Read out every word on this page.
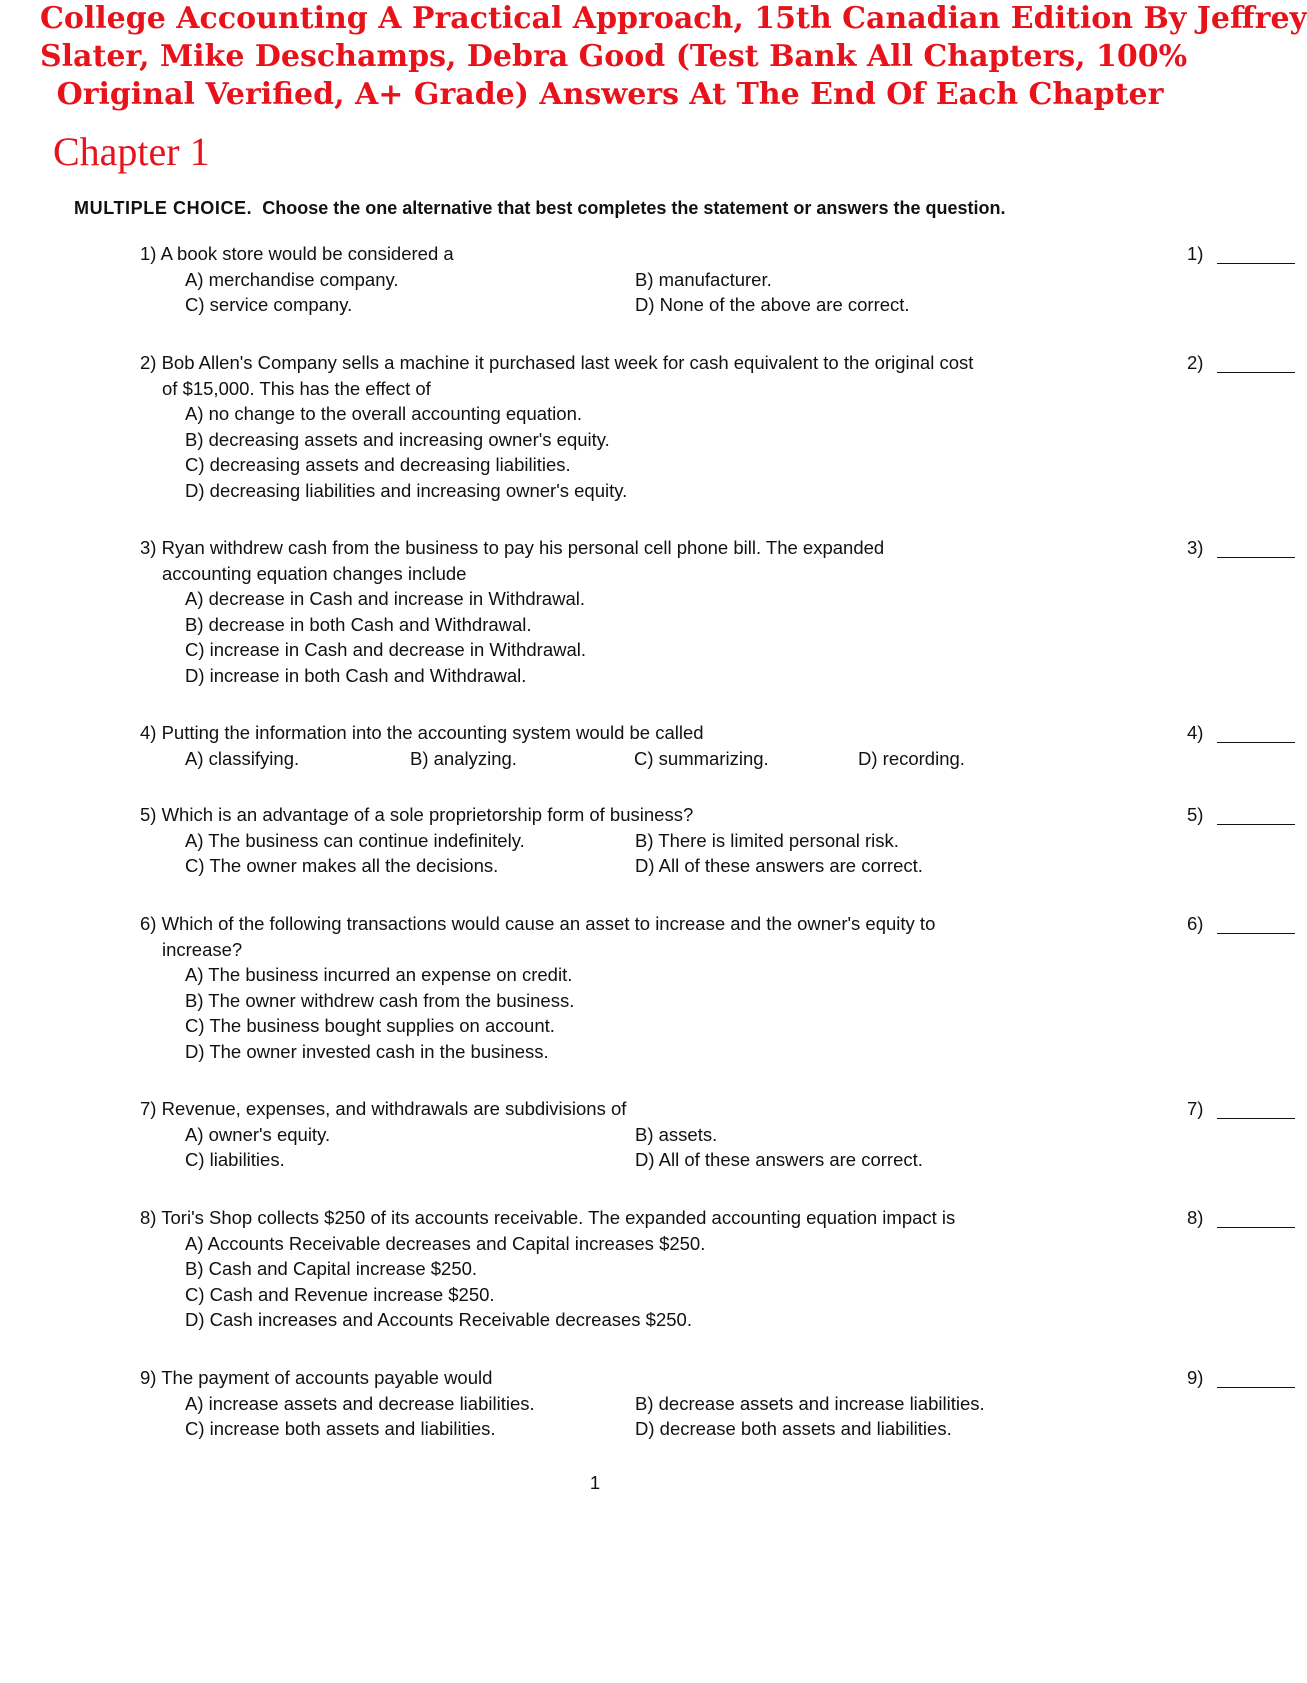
College Accounting A Practical Approach, 15th Canadian Edition By Jeffrey
Slater, Mike Deschamps, Debra Good (Test Bank All Chapters, 100%
Original Verified, A+ Grade) Answers At The End Of Each Chapter
Chapter 1

MULTIPLE CHOICE. Choose the one alternative that best completes the statement or answers the question.

1) A book store would be considered a
A) merchandise company.	B) manufacturer.
C) service company.	D) None of the above are correct.
1)
2) Bob Allen's Company sells a machine it purchased last week for cash equivalent to the original cost
of $15,000. This has the effect of
A) no change to the overall accounting equation.
B) decreasing assets and increasing owner's equity.
C) decreasing assets and decreasing liabilities.
D) decreasing liabilities and increasing owner's equity.
2)
3) Ryan withdrew cash from the business to pay his personal cell phone bill. The expanded
accounting equation changes include
A) decrease in Cash and increase in Withdrawal.
B) decrease in both Cash and Withdrawal.
C) increase in Cash and decrease in Withdrawal.
D) increase in both Cash and Withdrawal.
3)
4) Putting the information into the accounting system would be called
A) classifying.	B) analyzing.	C) summarizing.	D) recording.
4)
5) Which is an advantage of a sole proprietorship form of business?
A) The business can continue indefinitely.	B) There is limited personal risk.
C) The owner makes all the decisions.	D) All of these answers are correct.
5)
6) Which of the following transactions would cause an asset to increase and the owner's equity to
increase?
A) The business incurred an expense on credit.
B) The owner withdrew cash from the business.
C) The business bought supplies on account.
D) The owner invested cash in the business.
6)
7) Revenue, expenses, and withdrawals are subdivisions of
A) owner's equity.	B) assets.
C) liabilities.	D) All of these answers are correct.
7)
8) Tori's Shop collects $250 of its accounts receivable. The expanded accounting equation impact is
A) Accounts Receivable decreases and Capital increases $250.
B) Cash and Capital increase $250.
C) Cash and Revenue increase $250.
D) Cash increases and Accounts Receivable decreases $250.
8)
9) The payment of accounts payable would
A) increase assets and decrease liabilities.	B) decrease assets and increase liabilities.
C) increase both assets and liabilities.	D) decrease both assets and liabilities.
9)
1
